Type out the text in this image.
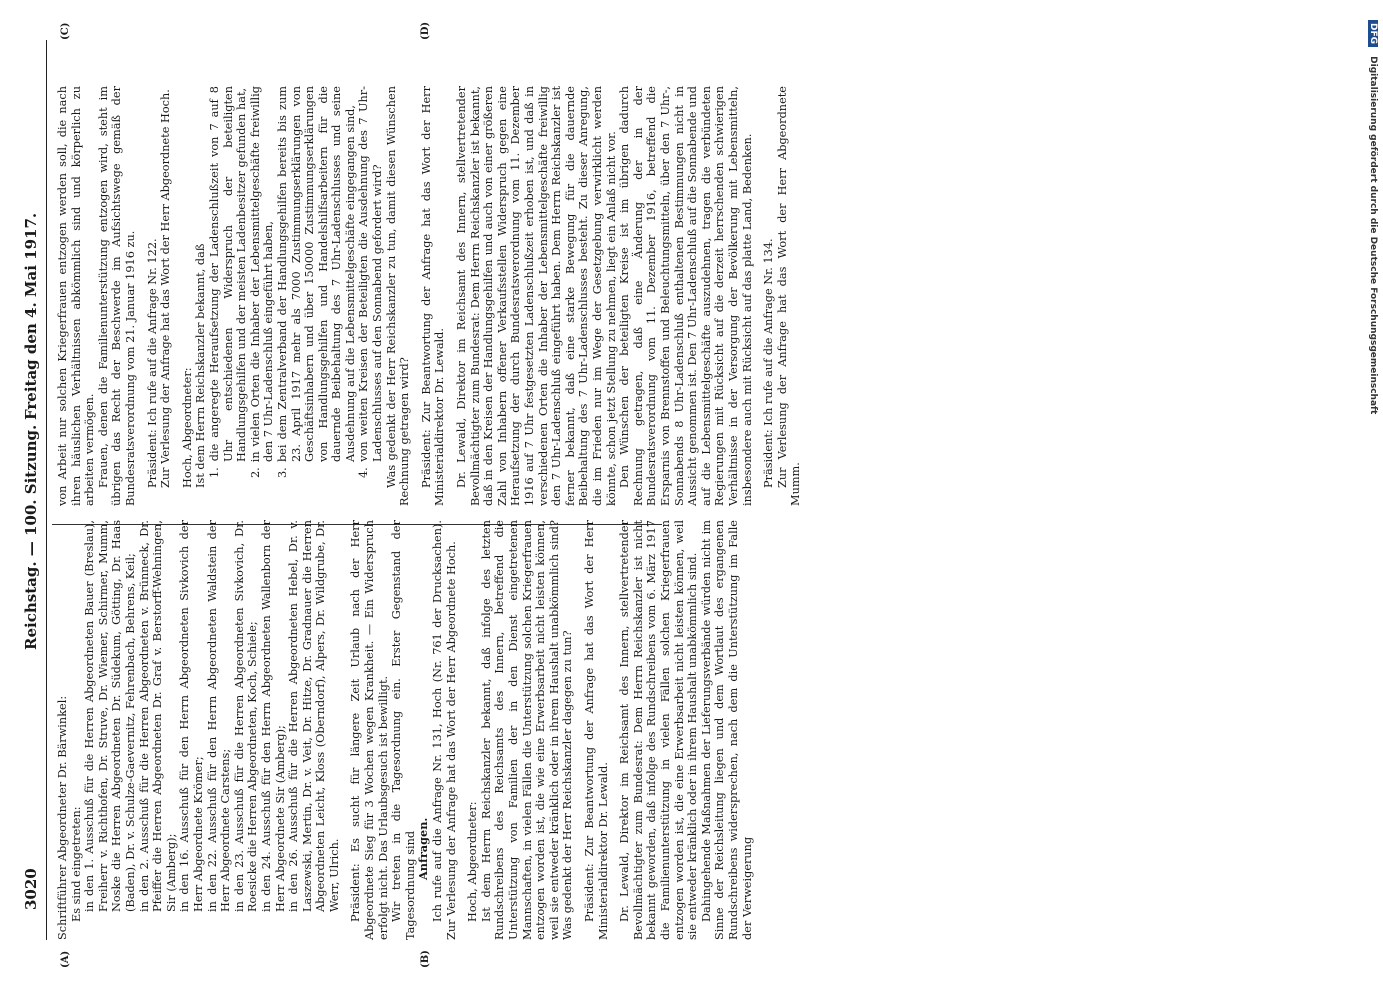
3020
Reichstag. — 100. Sitzung.
Freitag den 4. Mai 1917.
(A)	(B)
(C)	(D)

Schriftführer Abgeordneter Dr. Bärwinkel: Es sind eingetreten: in den 1. Ausschuß für die Herren Abgeordneten Bauer (Breslau), Freiherr v. Richthofen, Dr. Struve, Dr. Wiemer, Schirmer, Mumm, Noske die Herren Abgeordneten Dr. Südekum, Götting, Dr. Haas (Baden), Dr. v. Schulze-Gaevernitz, Fehrenbach, Behrens, Keil; in den 2. Ausschuß für die Herren Abgeordneten v. Brünneck, Dr. Pfeiffer die Herren Abgeordneten Dr. Graf v. Berstorff-Wehningen, Sir (Amberg); in den 16. Ausschuß für den Herrn Abgeordneten Sivkovich der Herr Abgeordnete Krömer; in den 22. Ausschuß für den Herrn Abgeordneten Waldstein der Herr Abgeordnete Carstens; in den 23. Ausschuß für die Herren Abgeordneten Sivkovich, Dr. Roesicke die Herren Abgeordneten, Koch, Schiele; in den 24. Ausschuß für den Herrn Abgeordneten Wallenborn der Herr Abgeordnete Sir (Amberg); in den 26. Ausschuß für die Herren Abgeordneten Hebel, Dr. v. Laszewski, Mertin, Dr. v. Veit, Dr. Hitze, Dr. Gradnauer die Herren Abgeordneten Leicht, Kloss (Oberndorf), Alpers, Dr. Wildgrube, Dr. Werr, Ulrich. Präsident: Es sucht für längere Zeit Urlaub nach der Herr Abgeordnete Sieg für 3 Wochen wegen Krankheit. — Ein Widerspruch erfolgt nicht. Das Urlaubsgesuch ist bewilligt. Wir treten in die Tagesordnung ein. Erster Gegenstand der Tagesordnung sind Anfragen. Ich rufe auf die Anfrage Nr. 131, Hoch (Nr. 761 der Drucksachen). Zur Verlesung der Anfrage hat das Wort der Herr Abgeordnete Hoch. Hoch, Abgeordneter: Ist dem Herrn Reichskanzler bekannt, daß infolge des letzten Rundschreibens des Reichsamts des Innern, betreffend die Unterstützung von Familien der in den Dienst eingetretenen Mannschaften, in vielen Fällen die Unterstützung solchen Kriegerfrauen entzogen worden ist, die wie eine Erwerbsarbeit nicht leisten können, weil sie entweder kränklich oder in ihrem Haushalt unabkömmlich sind? Was gedenkt der Herr Reichskanzler dagegen zu tun? Präsident: Zur Beantwortung der Anfrage hat das Wort der Herr Ministerialdirektor Dr. Lewald. Dr. Lewald, Direktor im Reichsamt des Innern, stellvertretender Bevollmächtigter zum Bundesrat: Dem Herrn Reichskanzler ist nicht bekannt geworden, daß infolge des Rundschreibens vom 6. März 1917 die Familienunterstützung in vielen Fällen solchen Kriegerfrauen entzogen worden ist, die eine Erwerbsarbeit nicht leisten können, weil sie entweder kränklich oder in ihrem Haushalt unabkömmlich sind. Dahingehende Maßnahmen der Lieferungsverbände würden nicht im Sinne der Reichsleitung liegen und dem Wortlaut des ergangenen Rundschreibens widersprechen, nach dem die Unterstützung im Falle der Verweigerung

von Arbeit nur solchen Kriegerfrauen entzogen werden soll, die nach ihren häuslichen Verhältnissen abkömmlich sind und körperlich zu arbeiten vermögen. Frauen, denen die Familienunterstützung entzogen wird, steht im übrigen das Recht der Beschwerde im Aufsichtswege gemäß der Bundesratsverordnung vom 21. Januar 1916 zu. Präsident: Ich rufe auf die Anfrage Nr. 122. Zur Verlesung der Anfrage hat das Wort der Herr Abgeordnete Hoch. Hoch, Abgeordneter: Ist dem Herrn Reichskanzler bekannt, daß 1. die angeregte Heraufsetzung der Ladenschlußzeit von 7 auf 8 Uhr entschiedenen Widerspruch der beteiligten Handlungsgehilfen und der meisten Ladenbesitzer gefunden hat, 2. in vielen Orten die Inhaber der Lebensmittelgeschäfte freiwillig den 7 Uhr-Ladenschluß eingeführt haben, 3. bei dem Zentralverband der Handlungsgehilfen bereits bis zum 23. April 1917 mehr als 7000 Zustimmungserklärungen von Geschäftsinhabern und über 150000 Zustimmungserklärungen von Handlungsgehilfen und Handelshilfsarbeitern für die dauernde Beibehaltung des 7 Uhr-Ladenschlusses und seine Ausdehnung auf die Lebensmittelgeschäfte eingegangen sind, 4. von weiten Kreisen der Beteiligten die Ausdehnung des 7 Uhr-Ladenschlusses auf den Sonnabend gefordert wird? Was gedenkt der Herr Reichskanzler zu tun, damit diesen Wünschen Rechnung getragen wird? Präsident: Zur Beantwortung der Anfrage hat das Wort der Herr Ministerialdirektor Dr. Lewald. Dr. Lewald, Direktor im Reichsamt des Innern, stellvertretender Bevollmächtigter zum Bundesrat: Dem Herrn Reichskanzler ist bekannt, daß in den Kreisen der Handlungsgehilfen und auch von einer größeren Zahl von Inhabern offener Verkaufsstellen Widerspruch gegen eine Heraufsetzung der durch Bundesratsverordnung vom 11. Dezember 1916 auf 7 Uhr festgesetzten Ladenschlußzeit erhoben ist, und daß in verschiedenen Orten die Inhaber der Lebensmittelgeschäfte freiwillig den 7 Uhr-Ladenschluß eingeführt haben. Dem Herrn Reichskanzler ist ferner bekannt, daß eine starke Bewegung für die dauernde Beibehaltung des 7 Uhr-Ladenschlusses besteht. Zu dieser Anregung, die im Frieden nur im Wege der Gesetzgebung verwirklicht werden könnte, schon jetzt Stellung zu nehmen, liegt ein Anlaß nicht vor. Den Wünschen der beteiligten Kreise ist im übrigen dadurch Rechnung getragen, daß eine Änderung der in der Bundesratsverordnung vom 11. Dezember 1916, betreffend die Ersparnis von Brennstoffen und Beleuchtungsmitteln, über den 7 Uhr-, Sonnabends 8 Uhr-Ladenschluß enthaltenen Bestimmungen nicht in Aussicht genommen ist. Den 7 Uhr-Ladenschluß auf die Sonnabende und auf die Lebensmittelgeschäfte auszudehnen, tragen die verbündeten Regierungen mit Rücksicht auf die derzeit herrschenden schwierigen Verhältnisse in der Versorgung der Bevölkerung mit Lebensmitteln, insbesondere auch mit Rücksicht auf das platte Land, Bedenken. Präsident: Ich rufe auf die Anfrage Nr. 134. Zur Verlesung der Anfrage hat das Wort der Herr Abgeordnete Mumm.

DFG Digitalisierung gefördert durch die Deutsche Forschungsgemeinschaft
